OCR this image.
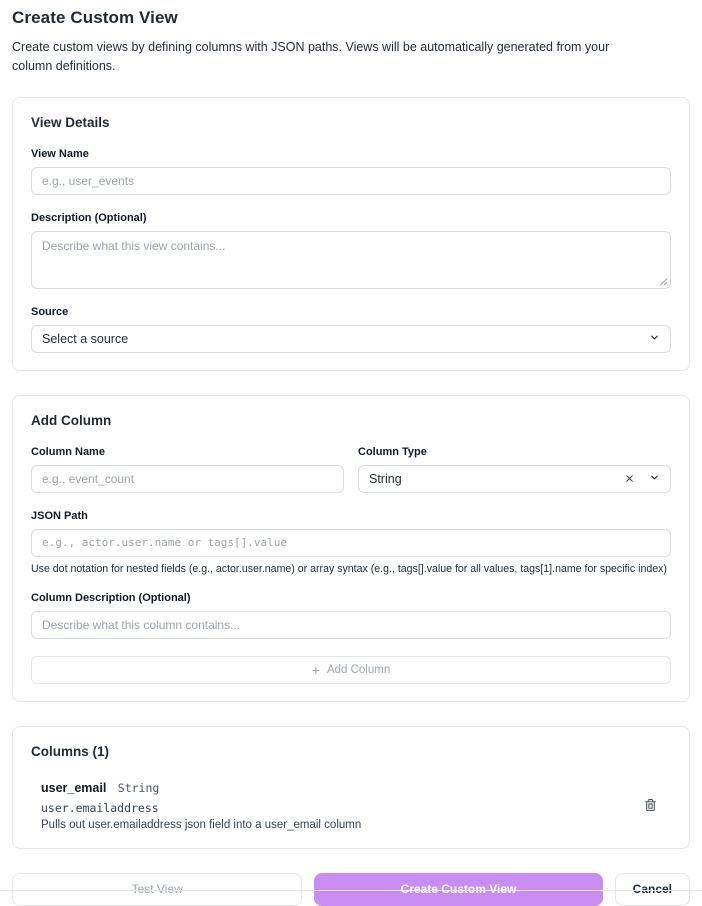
Create Custom View

Create custom views by defining columns with JSON paths. Views will be automatically generated from your column definitions.

View Details
View Name
e.g., user_events
Description (Optional)
Describe what this view contains...
Source
Select a source
Add Column
Column Name
e.g., event_count	Column Type
String
JSON Path
e.g., actor.user.name or tags[].value
Use dot notation for nested fields (e.g., actor.user.name) or array syntax (e.g., tags[].value for all values, tags[1].name for specific index)
Column Description (Optional)
Describe what this column contains...
+ Add Column
Columns (1)
user_email String
user.emailaddress
Pulls out user.emailaddress json field into a user_email column
Test View	Create Custom View	Cancel
